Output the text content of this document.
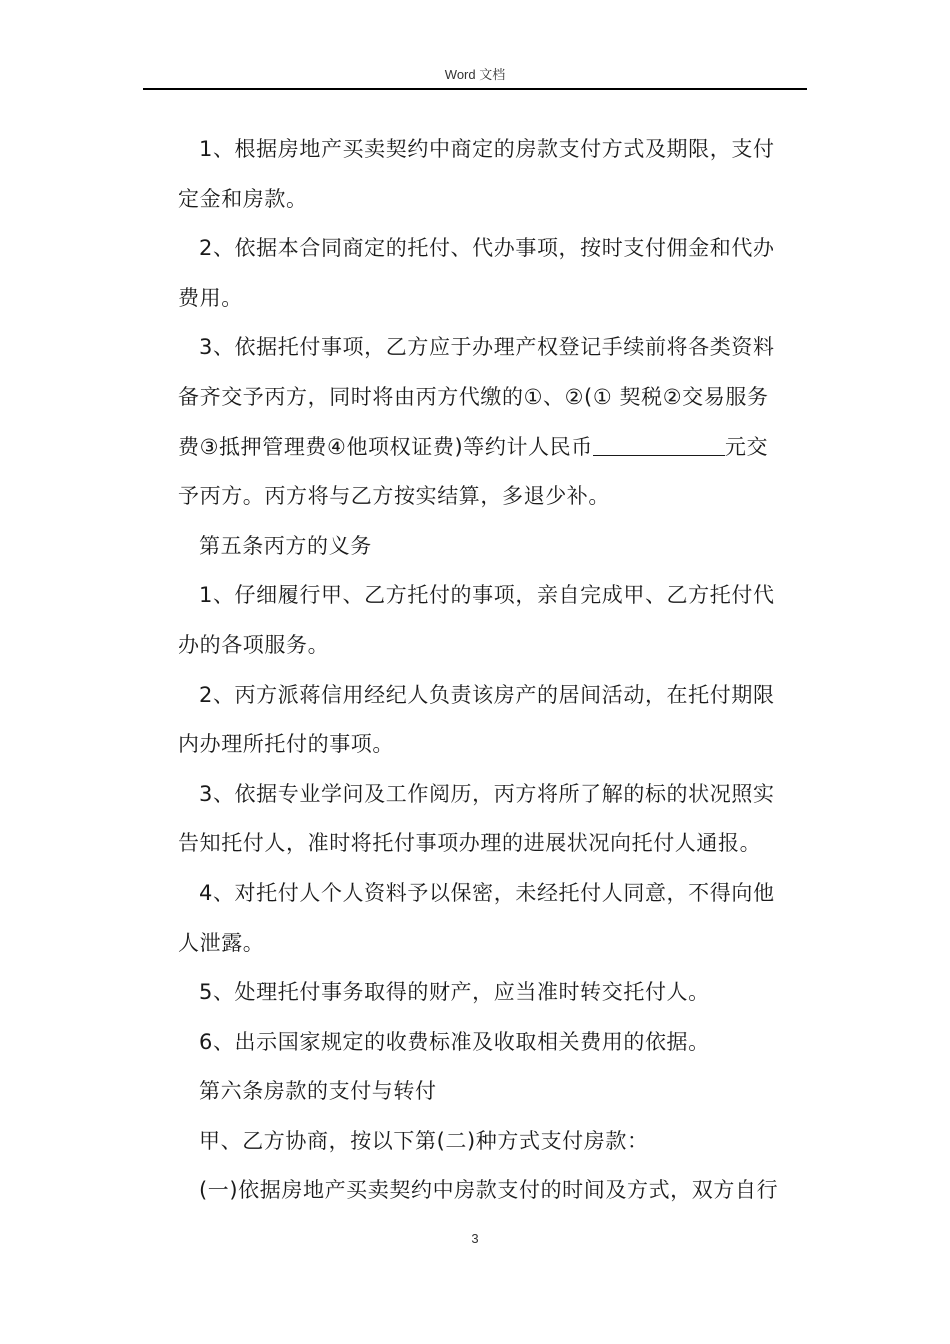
Word 文档

1、根据房地产买卖契约中商定的房款支付方式及期限，支付

定金和房款。

2、依据本合同商定的托付、代办事项，按时支付佣金和代办

费用。

3、依据托付事项，乙方应于办理产权登记手续前将各类资料

备齐交予丙方，同时将由丙方代缴的①、②(① 契税②交易服务

费③抵押管理费④他项权证费)等约计人民币	元交

予丙方。丙方将与乙方按实结算，多退少补。

第五条丙方的义务

1、仔细履行甲、乙方托付的事项，亲自完成甲、乙方托付代

办的各项服务。

2、丙方派蒋信用经纪人负责该房产的居间活动，在托付期限

内办理所托付的事项。

3、依据专业学问及工作阅历，丙方将所了解的标的状况照实

告知托付人，准时将托付事项办理的进展状况向托付人通报。

4、对托付人个人资料予以保密，未经托付人同意，不得向他

人泄露。

5、处理托付事务取得的财产，应当准时转交托付人。

6、出示国家规定的收费标准及收取相关费用的依据。

第六条房款的支付与转付

甲、乙方协商，按以下第(二)种方式支付房款：

(一)依据房地产买卖契约中房款支付的时间及方式，双方自行

3
